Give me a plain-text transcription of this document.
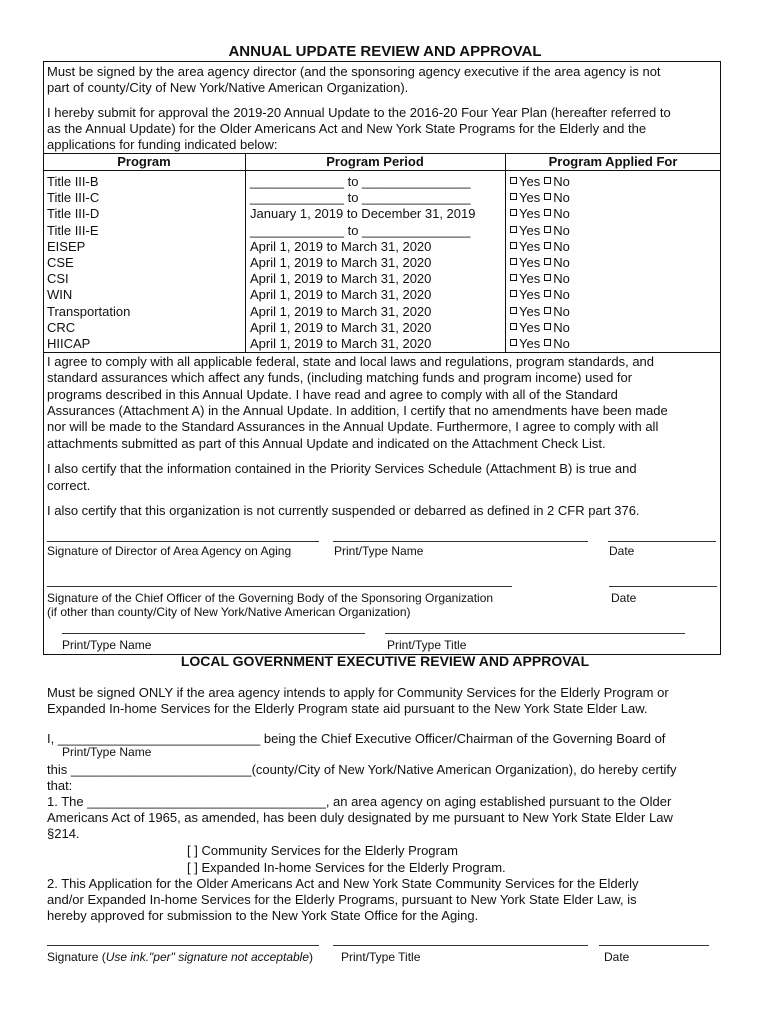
ANNUAL UPDATE REVIEW AND APPROVAL
Must be signed by the area agency director (and the sponsoring agency executive if the area agency is not
part of county/City of New York/Native American Organization).
I hereby submit for approval the 2019-20 Annual Update to the 2016-20 Four Year Plan (hereafter referred to
as the Annual Update) for the Older Americans Act and New York State Programs for the Elderly and the
applications for funding indicated below:
Program	Program Period	Program Applied For
Title III-B	_____________ to _______________	Yes No
Title III-C	_____________ to _______________	Yes No
Title III-D	January 1, 2019 to December 31, 2019	Yes No
Title III-E	_____________ to _______________	Yes No
EISEP	April 1, 2019 to March 31, 2020	Yes No
CSE	April 1, 2019 to March 31, 2020	Yes No
CSI	April 1, 2019 to March 31, 2020	Yes No
WIN	April 1, 2019 to March 31, 2020	Yes No
Transportation	April 1, 2019 to March 31, 2020	Yes No
CRC	April 1, 2019 to March 31, 2020	Yes No
HIICAP	April 1, 2019 to March 31, 2020	Yes No
I agree to comply with all applicable federal, state and local laws and regulations, program standards, and
standard assurances which affect any funds, (including matching funds and program income) used for
programs described in this Annual Update. I have read and agree to comply with all of the Standard
Assurances (Attachment A) in the Annual Update. In addition, I certify that no amendments have been made
nor will be made to the Standard Assurances in the Annual Update. Furthermore, I agree to comply with all
attachments submitted as part of this Annual Update and indicated on the Attachment Check List.
I also certify that the information contained in the Priority Services Schedule (Attachment B) is true and
correct.
I also certify that this organization is not currently suspended or debarred as defined in 2 CFR part 376.
Signature of Director of Area Agency on Aging	Print/Type Name	Date
Signature of the Chief Officer of the Governing Body of the Sponsoring Organization	Date
(if other than county/City of New York/Native American Organization)
Print/Type Name	Print/Type Title
LOCAL GOVERNMENT EXECUTIVE REVIEW AND APPROVAL
Must be signed ONLY if the area agency intends to apply for Community Services for the Elderly Program or
Expanded In-home Services for the Elderly Program state aid pursuant to the New York State Elder Law.
I, ____________________________ being the Chief Executive Officer/Chairman of the Governing Board of
Print/Type Name
this _________________________(county/City of New York/Native American Organization), do hereby certify
that:
1. The _________________________________, an area agency on aging established pursuant to the Older
Americans Act of 1965, as amended, has been duly designated by me pursuant to New York State Elder Law
§214.
[ ] Community Services for the Elderly Program
[ ] Expanded In-home Services for the Elderly Program.
2. This Application for the Older Americans Act and New York State Community Services for the Elderly
and/or Expanded In-home Services for the Elderly Programs, pursuant to New York State Elder Law, is
hereby approved for submission to the New York State Office for the Aging.
Signature (Use ink."per" signature not acceptable) Print/Type Title	Date
